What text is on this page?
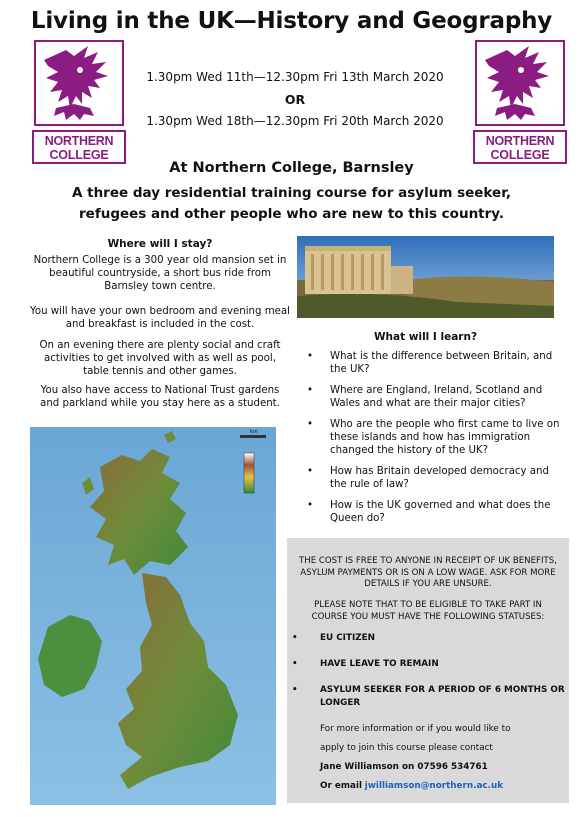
Living in the UK—History and Geography
NORTHERN
COLLEGE
NORTHERN
COLLEGE
1.30pm Wed 11th—12.30pm Fri 13th March 2020
OR
1.30pm Wed 18th—12.30pm Fri 20th March 2020
At Northern College, Barnsley
A three day residential training course for asylum seeker, refugees and other people who are new to this country.
Where will I stay?
Northern College is a 300 year old mansion set in beautiful countryside, a short bus ride from Barnsley town centre.
You will have your own bedroom and evening meal and breakfast is included in the cost.
On an evening there are plenty social and craft activities to get involved with as well as pool, table tennis and other games.
You also have access to National Trust gardens and parkland while you stay here as a student.
What will I learn?
• What is the difference between Britain, and the UK?
• Where are England, Ireland, Scotland and Wales and what are their major cities?
• Who are the people who first came to live on these islands and how has immigration changed the history of the UK?
• How has Britain developed democracy and the rule of law?
• How is the UK governed and what does the Queen do?
km
THE COST IS FREE TO ANYONE IN RECEIPT OF UK BENEFITS, ASYLUM PAYMENTS OR IS ON A LOW WAGE. ASK FOR MORE DETAILS IF YOU ARE UNSURE.
PLEASE NOTE THAT TO BE ELIGIBLE TO TAKE PART IN COURSE YOU MUST HAVE THE FOLLOWING STATUSES:
•	EU CITIZEN
•	HAVE LEAVE TO REMAIN
•	ASYLUM SEEKER FOR A PERIOD OF 6 MONTHS OR LONGER
For more information or if you would like to
apply to join this course please contact
Jane Williamson on 07596 534761
Or email jwilliamson@northern.ac.uk
